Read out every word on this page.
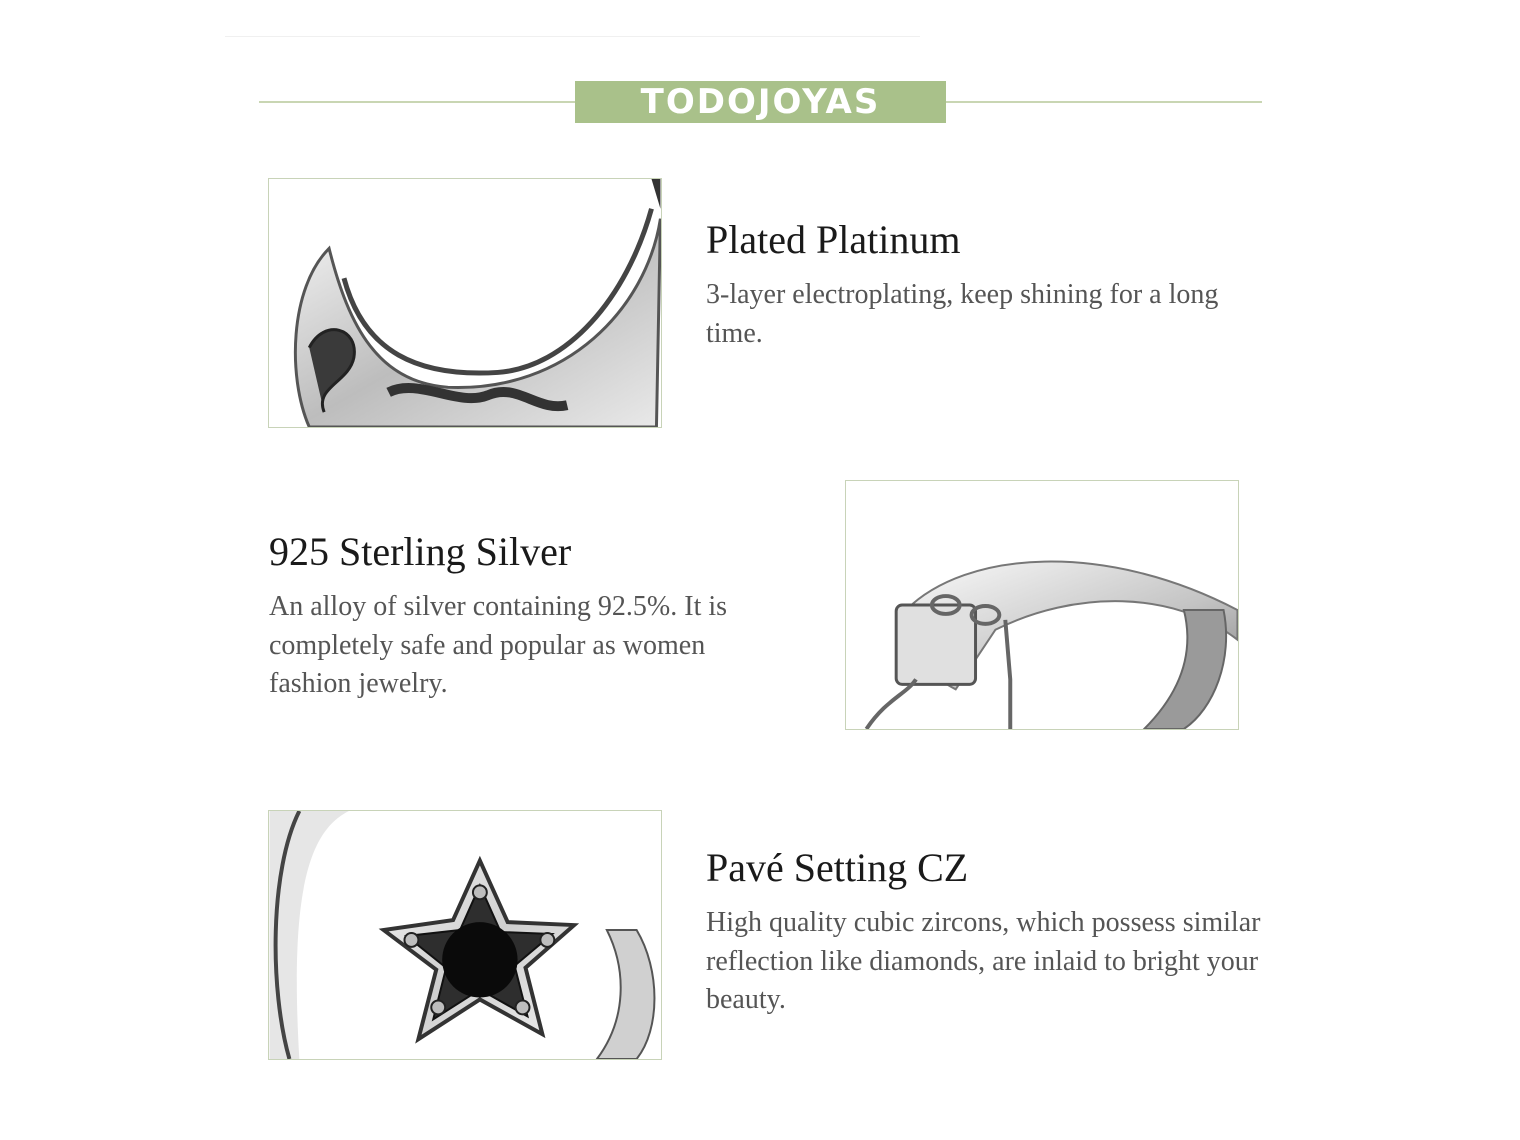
TODOJOYAS
Plated Platinum

3-layer electroplating, keep shining for a long time.

925 Sterling Silver

An alloy of silver containing 92.5%. It is completely safe and popular as women fashion jewelry.

Pavé Setting CZ

High quality cubic zircons, which possess similar reflection like diamonds, are inlaid to bright your beauty.
